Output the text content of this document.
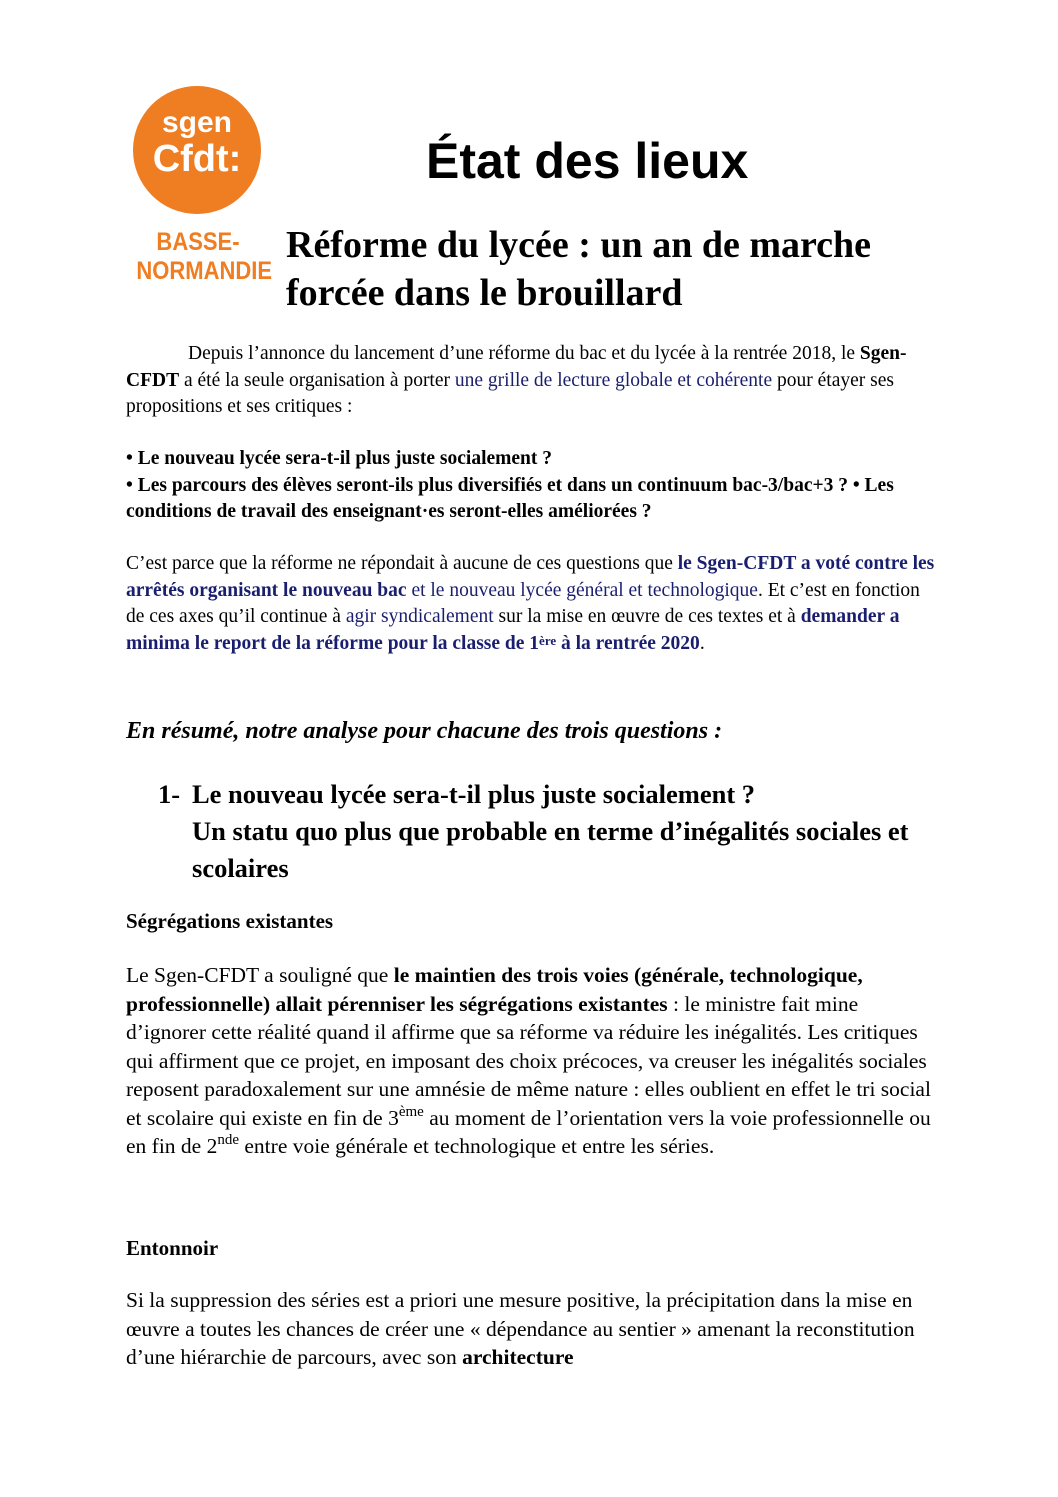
sgen
Cfdt:
BASSE-
NORMANDIE
État des lieux
Réforme du lycée : un an de marche forcée dans le brouillard
Depuis l’annonce du lancement d’une réforme du bac et du lycée à la rentrée 2018, le Sgen-CFDT a été la seule organisation à porter une grille de lecture globale et cohérente pour étayer ses propositions et ses critiques :
• Le nouveau lycée sera-t-il plus juste socialement ?
• Les parcours des élèves seront-ils plus diversifiés et dans un continuum bac-3/bac+3 ? • Les conditions de travail des enseignant·es seront-elles améliorées ?
C’est parce que la réforme ne répondait à aucune de ces questions que le Sgen-CFDT a voté contre les arrêtés organisant le nouveau bac et le nouveau lycée général et technologique. Et c’est en fonction de ces axes qu’il continue à agir syndicalement sur la mise en œuvre de ces textes et à demander a minima le report de la réforme pour la classe de 1ère à la rentrée 2020.
En résumé, notre analyse pour chacune des trois questions :
1- Le nouveau lycée sera-t-il plus juste socialement ?
Un statu quo plus que probable en terme d’inégalités sociales et scolaires
Ségrégations existantes
Le Sgen-CFDT a souligné que le maintien des trois voies (générale, technologique, professionnelle) allait pérenniser les ségrégations existantes : le ministre fait mine d’ignorer cette réalité quand il affirme que sa réforme va réduire les inégalités. Les critiques qui affirment que ce projet, en imposant des choix précoces, va creuser les inégalités sociales reposent paradoxalement sur une amnésie de même nature : elles oublient en effet le tri social et scolaire qui existe en fin de 3ème au moment de l’orientation vers la voie professionnelle ou en fin de 2nde entre voie générale et technologique et entre les séries.
Entonnoir
Si la suppression des séries est a priori une mesure positive, la précipitation dans la mise en œuvre a toutes les chances de créer une « dépendance au sentier » amenant la reconstitution d’une hiérarchie de parcours, avec son architecture
